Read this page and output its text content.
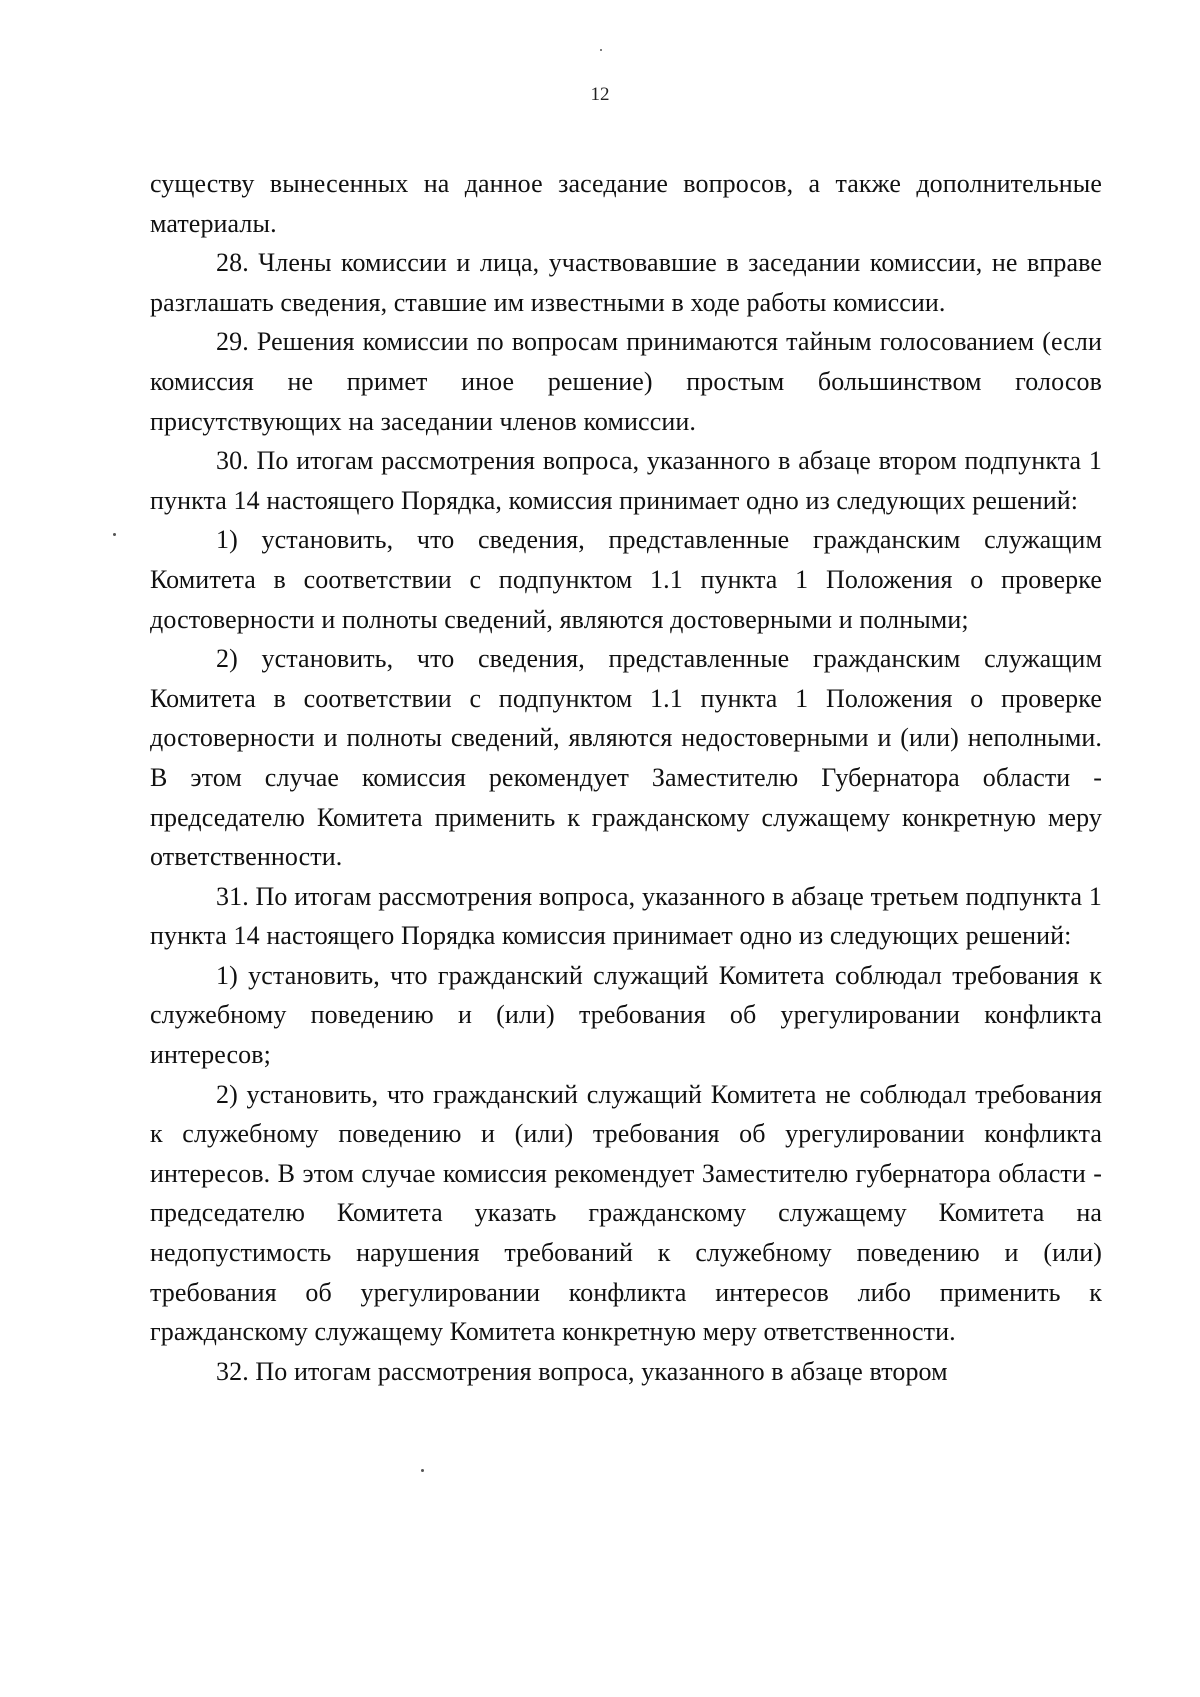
12

существу вынесенных на данное заседание вопросов, а также дополнительные материалы.

28. Члены комиссии и лица, участвовавшие в заседании комиссии, не вправе разглашать сведения, ставшие им известными в ходе работы комиссии.

29. Решения комиссии по вопросам принимаются тайным голосованием (если комиссия не примет иное решение) простым большинством голосов присутствующих на заседании членов комиссии.

30. По итогам рассмотрения вопроса, указанного в абзаце втором подпункта 1 пункта 14 настоящего Порядка, комиссия принимает одно из следующих решений:

1) установить, что сведения, представленные гражданским служащим Комитета в соответствии с подпунктом 1.1 пункта 1 Положения о проверке достоверности и полноты сведений, являются достоверными и полными;

2) установить, что сведения, представленные гражданским служащим Комитета в соответствии с подпунктом 1.1 пункта 1 Положения о проверке достоверности и полноты сведений, являются недостоверными и (или) неполными. В этом случае комиссия рекомендует Заместителю Губернатора области - председателю Комитета применить к гражданскому служащему конкретную меру ответственности.

31. По итогам рассмотрения вопроса, указанного в абзаце третьем подпункта 1 пункта 14 настоящего Порядка комиссия принимает одно из следующих решений:

1) установить, что гражданский служащий Комитета соблюдал требования к служебному поведению и (или) требования об урегулировании конфликта интересов;

2) установить, что гражданский служащий Комитета не соблюдал требования к служебному поведению и (или) требования об урегулировании конфликта интересов. В этом случае комиссия рекомендует Заместителю губернатора области - председателю Комитета указать гражданскому служащему Комитета на недопустимость нарушения требований к служебному поведению и (или) требования об урегулировании конфликта интересов либо применить к гражданскому служащему Комитета конкретную меру ответственности.

32. По итогам рассмотрения вопроса, указанного в абзаце втором
